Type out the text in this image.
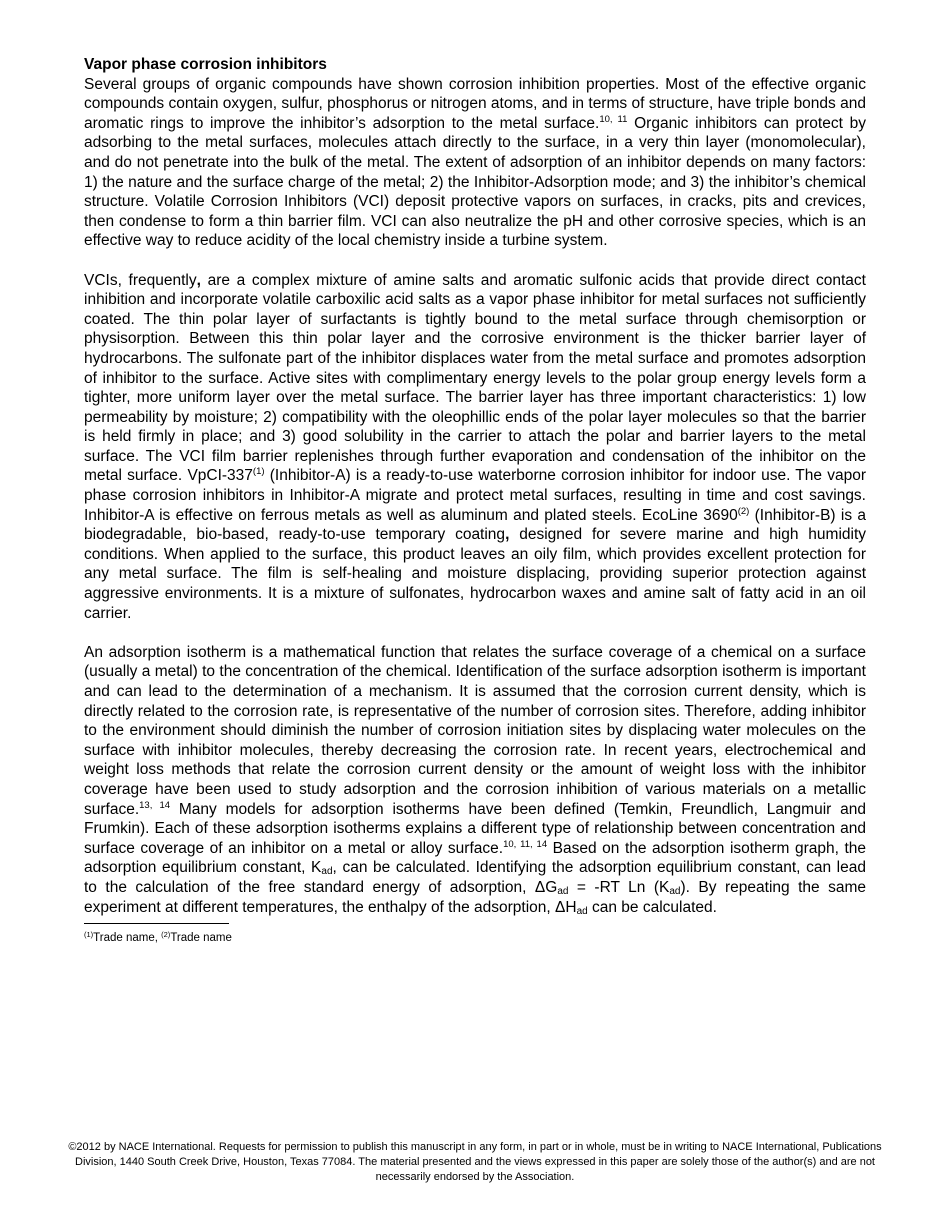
Vapor phase corrosion inhibitors

Several groups of organic compounds have shown corrosion inhibition properties. Most of the effective organic compounds contain oxygen, sulfur, phosphorus or nitrogen atoms, and in terms of structure, have triple bonds and aromatic rings to improve the inhibitor’s adsorption to the metal surface.$^{10, 11}$ Organic inhibitors can protect by adsorbing to the metal surfaces, molecules attach directly to the surface, in a very thin layer (monomolecular), and do not penetrate into the bulk of the metal. The extent of adsorption of an inhibitor depends on many factors: 1) the nature and the surface charge of the metal; 2) the Inhibitor-Adsorption mode; and 3) the inhibitor’s chemical structure. Volatile Corrosion Inhibitors (VCI) deposit protective vapors on surfaces, in cracks, pits and crevices, then condense to form a thin barrier film. VCI can also neutralize the pH and other corrosive species, which is an effective way to reduce acidity of the local chemistry inside a turbine system.

VCIs, frequently, are a complex mixture of amine salts and aromatic sulfonic acids that provide direct contact inhibition and incorporate volatile carboxilic acid salts as a vapor phase inhibitor for metal surfaces not sufficiently coated. The thin polar layer of surfactants is tightly bound to the metal surface through chemisorption or physisorption. Between this thin polar layer and the corrosive environment is the thicker barrier layer of hydrocarbons. The sulfonate part of the inhibitor displaces water from the metal surface and promotes adsorption of inhibitor to the surface. Active sites with complimentary energy levels to the polar group energy levels form a tighter, more uniform layer over the metal surface. The barrier layer has three important characteristics: 1) low permeability by moisture; 2) compatibility with the oleophillic ends of the polar layer molecules so that the barrier is held firmly in place; and 3) good solubility in the carrier to attach the polar and barrier layers to the metal surface. The VCI film barrier replenishes through further evaporation and condensation of the inhibitor on the metal surface. VpCI-337$^{(1)}$ (Inhibitor-A) is a ready-to-use waterborne corrosion inhibitor for indoor use. The vapor phase corrosion inhibitors in Inhibitor-A migrate and protect metal surfaces, resulting in time and cost savings. Inhibitor-A is effective on ferrous metals as well as aluminum and plated steels. EcoLine 3690$^{(2)}$ (Inhibitor-B) is a biodegradable, bio-based, ready-to-use temporary coating, designed for severe marine and high humidity conditions. When applied to the surface, this product leaves an oily film, which provides excellent protection for any metal surface. The film is self-healing and moisture displacing, providing superior protection against aggressive environments. It is a mixture of sulfonates, hydrocarbon waxes and amine salt of fatty acid in an oil carrier.

An adsorption isotherm is a mathematical function that relates the surface coverage of a chemical on a surface (usually a metal) to the concentration of the chemical. Identification of the surface adsorption isotherm is important and can lead to the determination of a mechanism. It is assumed that the corrosion current density, which is directly related to the corrosion rate, is representative of the number of corrosion sites. Therefore, adding inhibitor to the environment should diminish the number of corrosion initiation sites by displacing water molecules on the surface with inhibitor molecules, thereby decreasing the corrosion rate. In recent years, electrochemical and weight loss methods that relate the corrosion current density or the amount of weight loss with the inhibitor coverage have been used to study adsorption and the corrosion inhibition of various materials on a metallic surface.$^{13, 14}$ Many models for adsorption isotherms have been defined (Temkin, Freundlich, Langmuir and Frumkin). Each of these adsorption isotherms explains a different type of relationship between concentration and surface coverage of an inhibitor on a metal or alloy surface.$^{10, 11, 14}$ Based on the adsorption isotherm graph, the adsorption equilibrium constant, $K_{ad}$, can be calculated. Identifying the adsorption equilibrium constant, can lead to the calculation of the free standard energy of adsorption, $\Delta G_{ad} = -RT$ Ln $(K_{ad})$. By repeating the same experiment at different temperatures, the enthalpy of the adsorption, $\Delta H_{ad}$ can be calculated.

$^{(1)}$Trade name, $^{(2)}$Trade name
©2012 by NACE International. Requests for permission to publish this manuscript in any form, in part or in whole, must be in writing to NACE International, Publications Division, 1440 South Creek Drive, Houston, Texas 77084. The material presented and the views expressed in this paper are solely those of the author(s) and are not necessarily endorsed by the Association.
